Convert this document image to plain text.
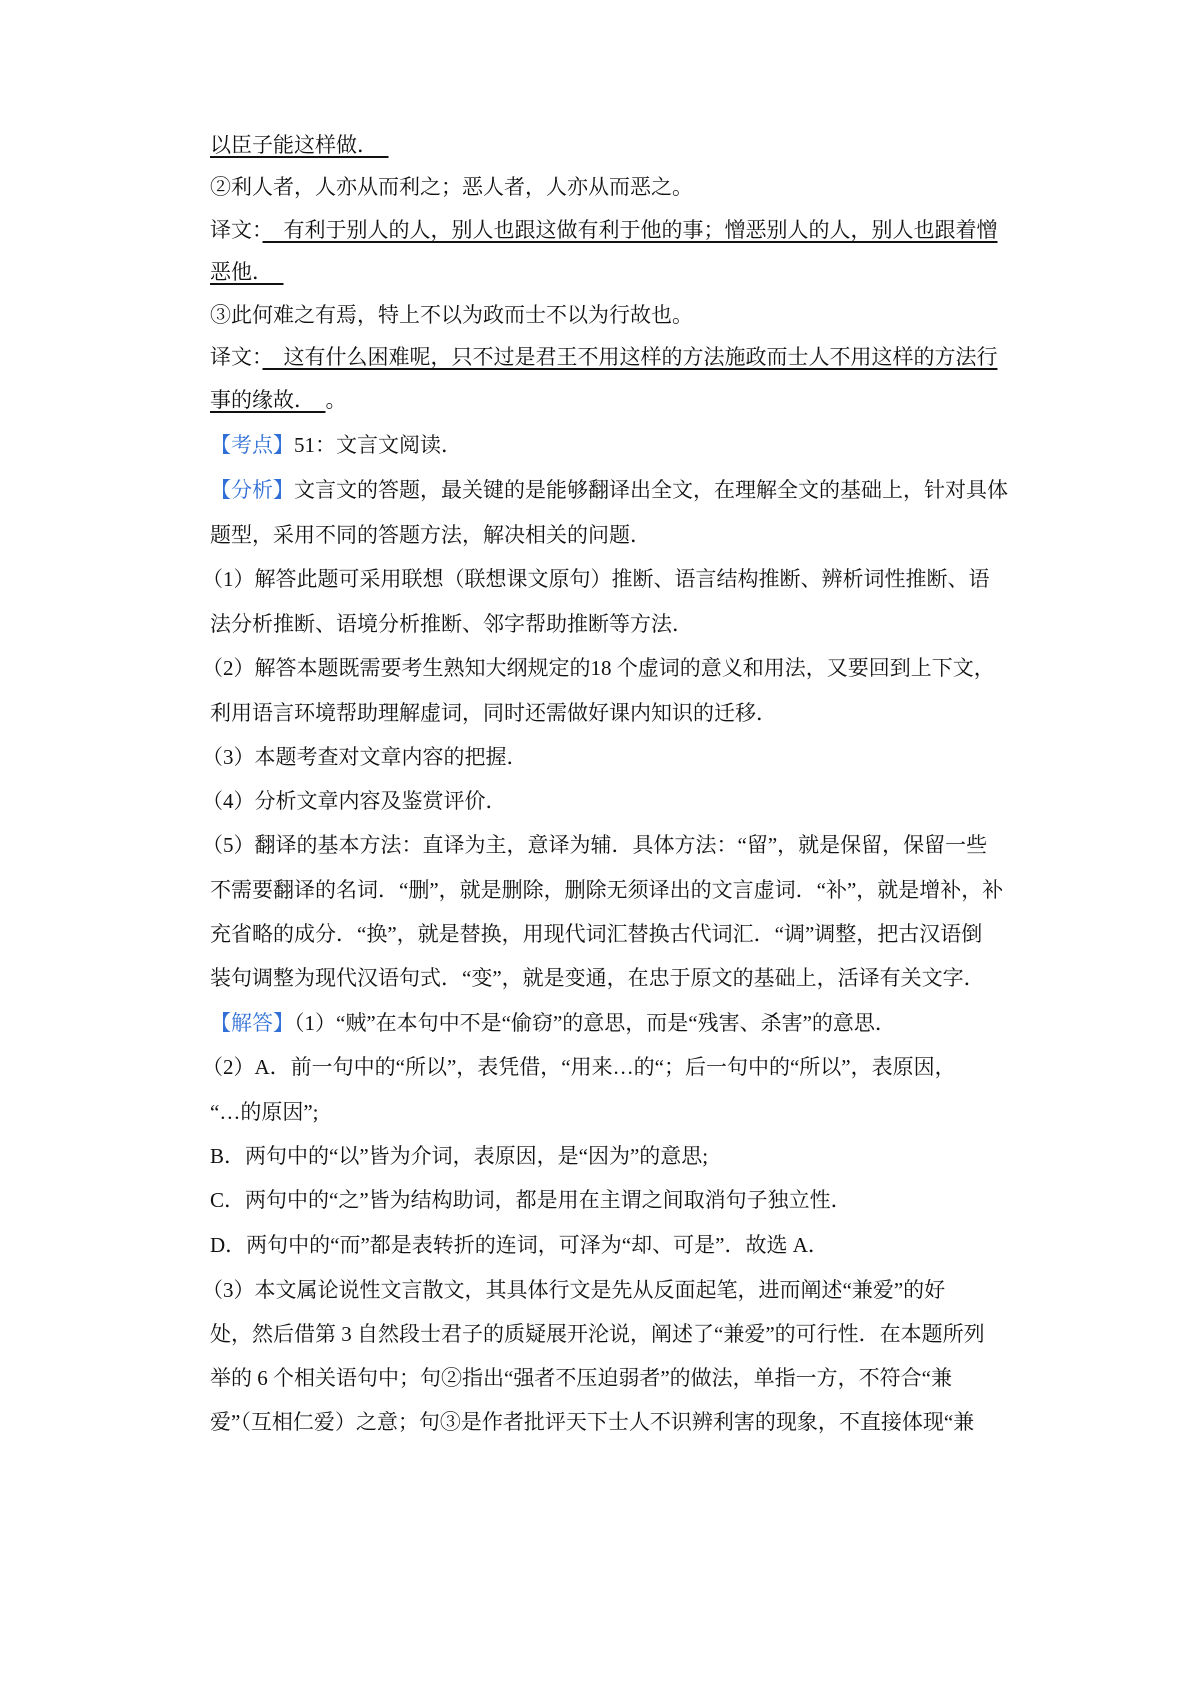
以臣子能这样做．　
②利人者，人亦从而利之；恶人者，人亦从而恶之。
译文：　有利于别人的人，别人也跟这做有利于他的事；憎恶别人的人，别人也跟着憎
恶他．　
③此何难之有焉，特上不以为政而士不以为行故也。
译文：　这有什么困难呢，只不过是君王不用这样的方法施政而士人不用这样的方法行
事的缘故．　。
【考点】51：文言文阅读．
【分析】文言文的答题，最关键的是能够翻译出全文，在理解全文的基础上，针对具体
题型，采用不同的答题方法，解决相关的问题．
（1）解答此题可采用联想（联想课文原句）推断、语言结构推断、辨析词性推断、语
法分析推断、语境分析推断、邻字帮助推断等方法．
（2）解答本题既需要考生熟知大纲规定的18 个虚词的意义和用法，又要回到上下文，
利用语言环境帮助理解虚词，同时还需做好课内知识的迁移．
（3）本题考查对文章内容的把握．
（4）分析文章内容及鉴赏评价．
（5）翻译的基本方法：直译为主，意译为辅．具体方法：“留”，就是保留，保留一些
不需要翻译的名词．“删”，就是删除，删除无须译出的文言虚词．“补”，就是增补，补
充省略的成分．“换”，就是替换，用现代词汇替换古代词汇．“调”调整，把古汉语倒
装句调整为现代汉语句式．“变”，就是变通，在忠于原文的基础上，活译有关文字．
【解答】（1）“贼”在本句中不是“偷窃”的意思，而是“残害、杀害”的意思．
（2）A．前一句中的“所以”，表凭借，“用来…的“；后一句中的“所以”，表原因，
“…的原因”;
B．两句中的“以”皆为介词，表原因，是“因为”的意思;
C．两句中的“之”皆为结构助词，都是用在主谓之间取消句子独立性．
D．两句中的“而”都是表转折的连词，可泽为“却、可是”．故选 A．
（3）本文属论说性文言散文，其具体行文是先从反面起笔，进而阐述“兼爱”的好
处，然后借第 3 自然段士君子的质疑展开沦说，阐述了“兼爱”的可行性．在本题所列
举的 6 个相关语句中；句②指出“强者不压迫弱者”的做法，单指一方，不符合“兼
爱”（互相仁爱）之意；句③是作者批评天下士人不识辨利害的现象，不直接体现“兼
